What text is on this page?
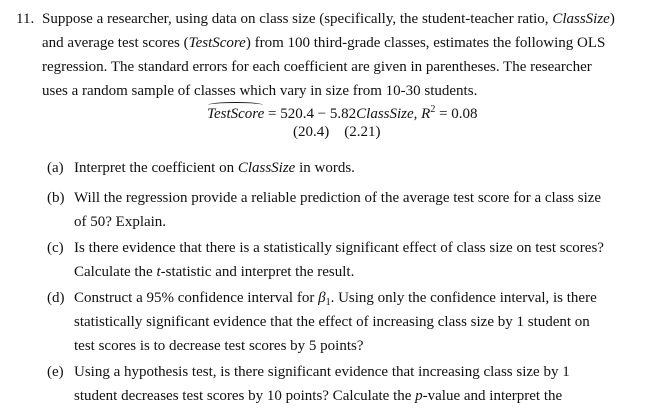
11. Suppose a researcher, using data on class size (specifically, the student-teacher ratio, ClassSize)
and average test scores (TestScore) from 100 third-grade classes, estimates the following OLS
regression. The standard errors for each coefficient are given in parentheses. The researcher
uses a random sample of classes which vary in size from 10-30 students.
TestScore = 520.4 − 5.82ClassSize, $R^2 = 0.08$
(20.4)    (2.21)
(a) Interpret the coefficient on ClassSize in words.
(b) Will the regression provide a reliable prediction of the average test score for a class size
of 50? Explain.
(c) Is there evidence that there is a statistically significant effect of class size on test scores?
Calculate the t-statistic and interpret the result.
(d) Construct a 95% confidence interval for $\beta_1$. Using only the confidence interval, is there
statistically significant evidence that the effect of increasing class size by 1 student on
test scores is to decrease test scores by 5 points?
(e) Using a hypothesis test, is there significant evidence that increasing class size by 1
student decreases test scores by 10 points? Calculate the p-value and interpret the
